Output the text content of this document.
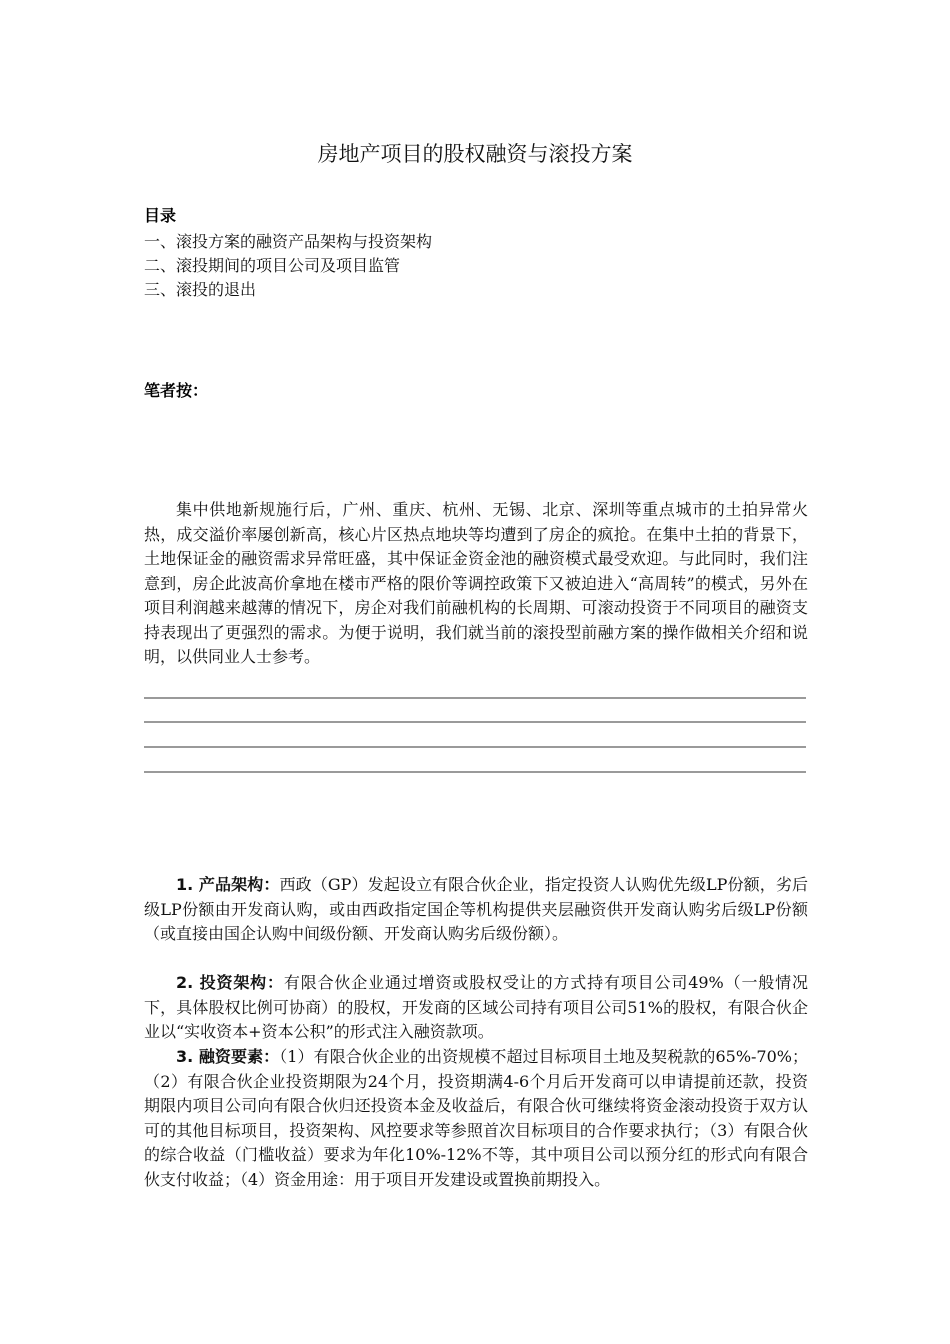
房地产项目的股权融资与滚投方案
目录
一、滚投方案的融资产品架构与投资架构
二、滚投期间的项目公司及项目监管
三、滚投的退出
笔者按：

集中供地新规施行后，广州、重庆、杭州、无锡、北京、深圳等重点城市的土拍异常火热，成交溢价率屡创新高，核心片区热点地块等均遭到了房企的疯抢。在集中土拍的背景下，土地保证金的融资需求异常旺盛，其中保证金资金池的融资模式最受欢迎。与此同时，我们注意到，房企此波高价拿地在楼市严格的限价等调控政策下又被迫进入“高周转”的模式，另外在项目利润越来越薄的情况下，房企对我们前融机构的长周期、可滚动投资于不同项目的融资支持表现出了更强烈的需求。为便于说明，我们就当前的滚投型前融方案的操作做相关介绍和说明，以供同业人士参考。

1. 产品架构：西政（GP）发起设立有限合伙企业，指定投资人认购优先级LP份额，劣后级LP份额由开发商认购，或由西政指定国企等机构提供夹层融资供开发商认购劣后级LP份额（或直接由国企认购中间级份额、开发商认购劣后级份额）。

2. 投资架构：有限合伙企业通过增资或股权受让的方式持有项目公司49%（一般情况下，具体股权比例可协商）的股权，开发商的区域公司持有项目公司51%的股权，有限合伙企业以“实收资本+资本公积”的形式注入融资款项。

3. 融资要素：（1）有限合伙企业的出资规模不超过目标项目土地及契税款的65%-70%；（2）有限合伙企业投资期限为24个月，投资期满4-6个月后开发商可以申请提前还款，投资期限内项目公司向有限合伙归还投资本金及收益后，有限合伙可继续将资金滚动投资于双方认可的其他目标项目，投资架构、风控要求等参照首次目标项目的合作要求执行；（3）有限合伙的综合收益（门槛收益）要求为年化10%-12%不等，其中项目公司以预分红的形式向有限合伙支付收益；（4）资金用途：用于项目开发建设或置换前期投入。
